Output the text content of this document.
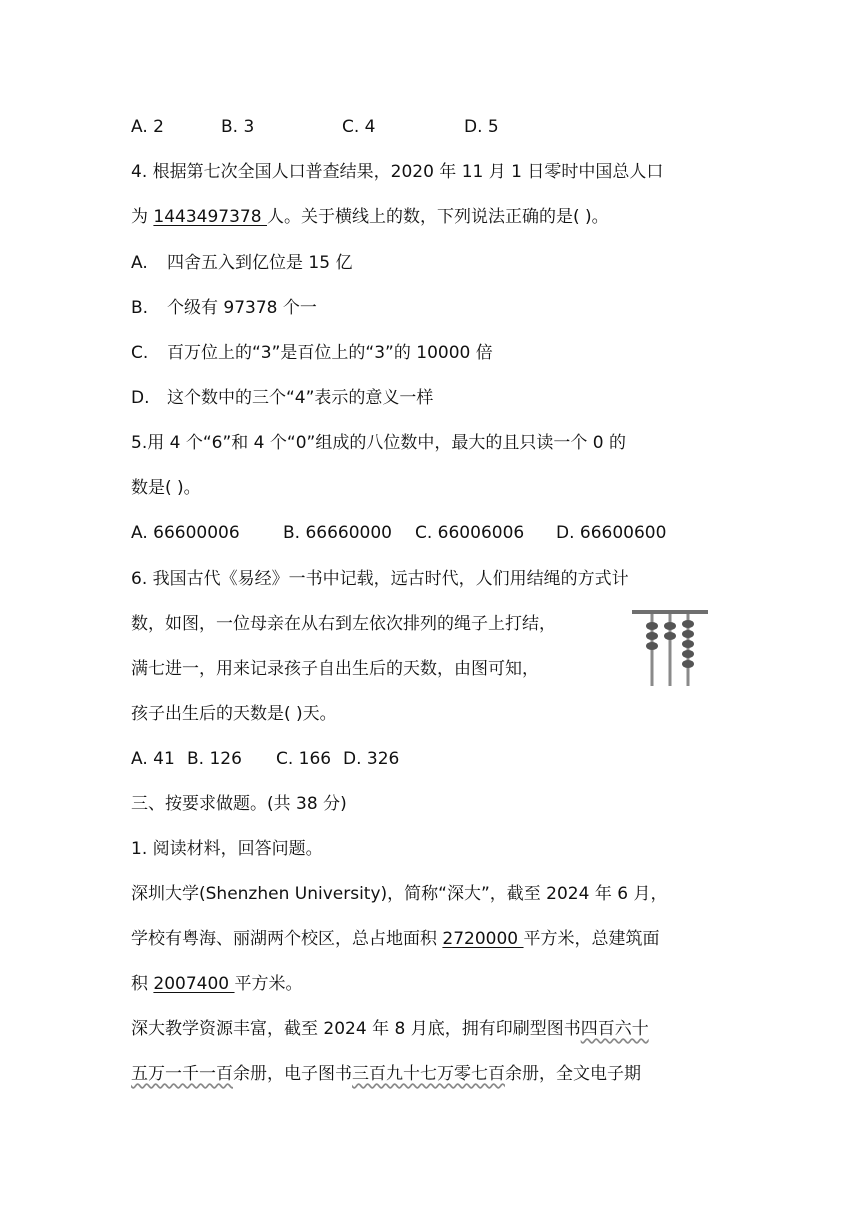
A. 2	B. 3	C. 4	D. 5
4. 根据第七次全国人口普查结果，2020 年 11 月 1 日零时中国总人口
为 1443497378 人。关于横线上的数，下列说法正确的是( )。
A. 四舍五入到亿位是 15 亿
B. 个级有 97378 个一
C. 百万位上的“3”是百位上的“3”的 10000 倍
D. 这个数中的三个“4”表示的意义一样
5.用 4 个“6”和 4 个“0”组成的八位数中，最大的且只读一个 0 的
数是( )。
A. 66600006	B. 66660000 C. 66006006 D. 66600600
6. 我国古代《易经》一书中记载，远古时代，人们用结绳的方式计
数，如图，一位母亲在从右到左依次排列的绳子上打结，
满七进一，用来记录孩子自出生后的天数，由图可知，
孩子出生后的天数是( )天。
A. 41 B. 126 C. 166 D. 326
三、按要求做题。(共 38 分)
1. 阅读材料，回答问题。
深圳大学(Shenzhen University)，简称“深大”，截至 2024 年 6 月，
学校有粤海、丽湖两个校区，总占地面积 2720000 平方米，总建筑面
积 2007400 平方米。
深大教学资源丰富，截至 2024 年 8 月底，拥有印刷型图书四百六十
五万一千一百余册，电子图书三百九十七万零七百余册，全文电子期
